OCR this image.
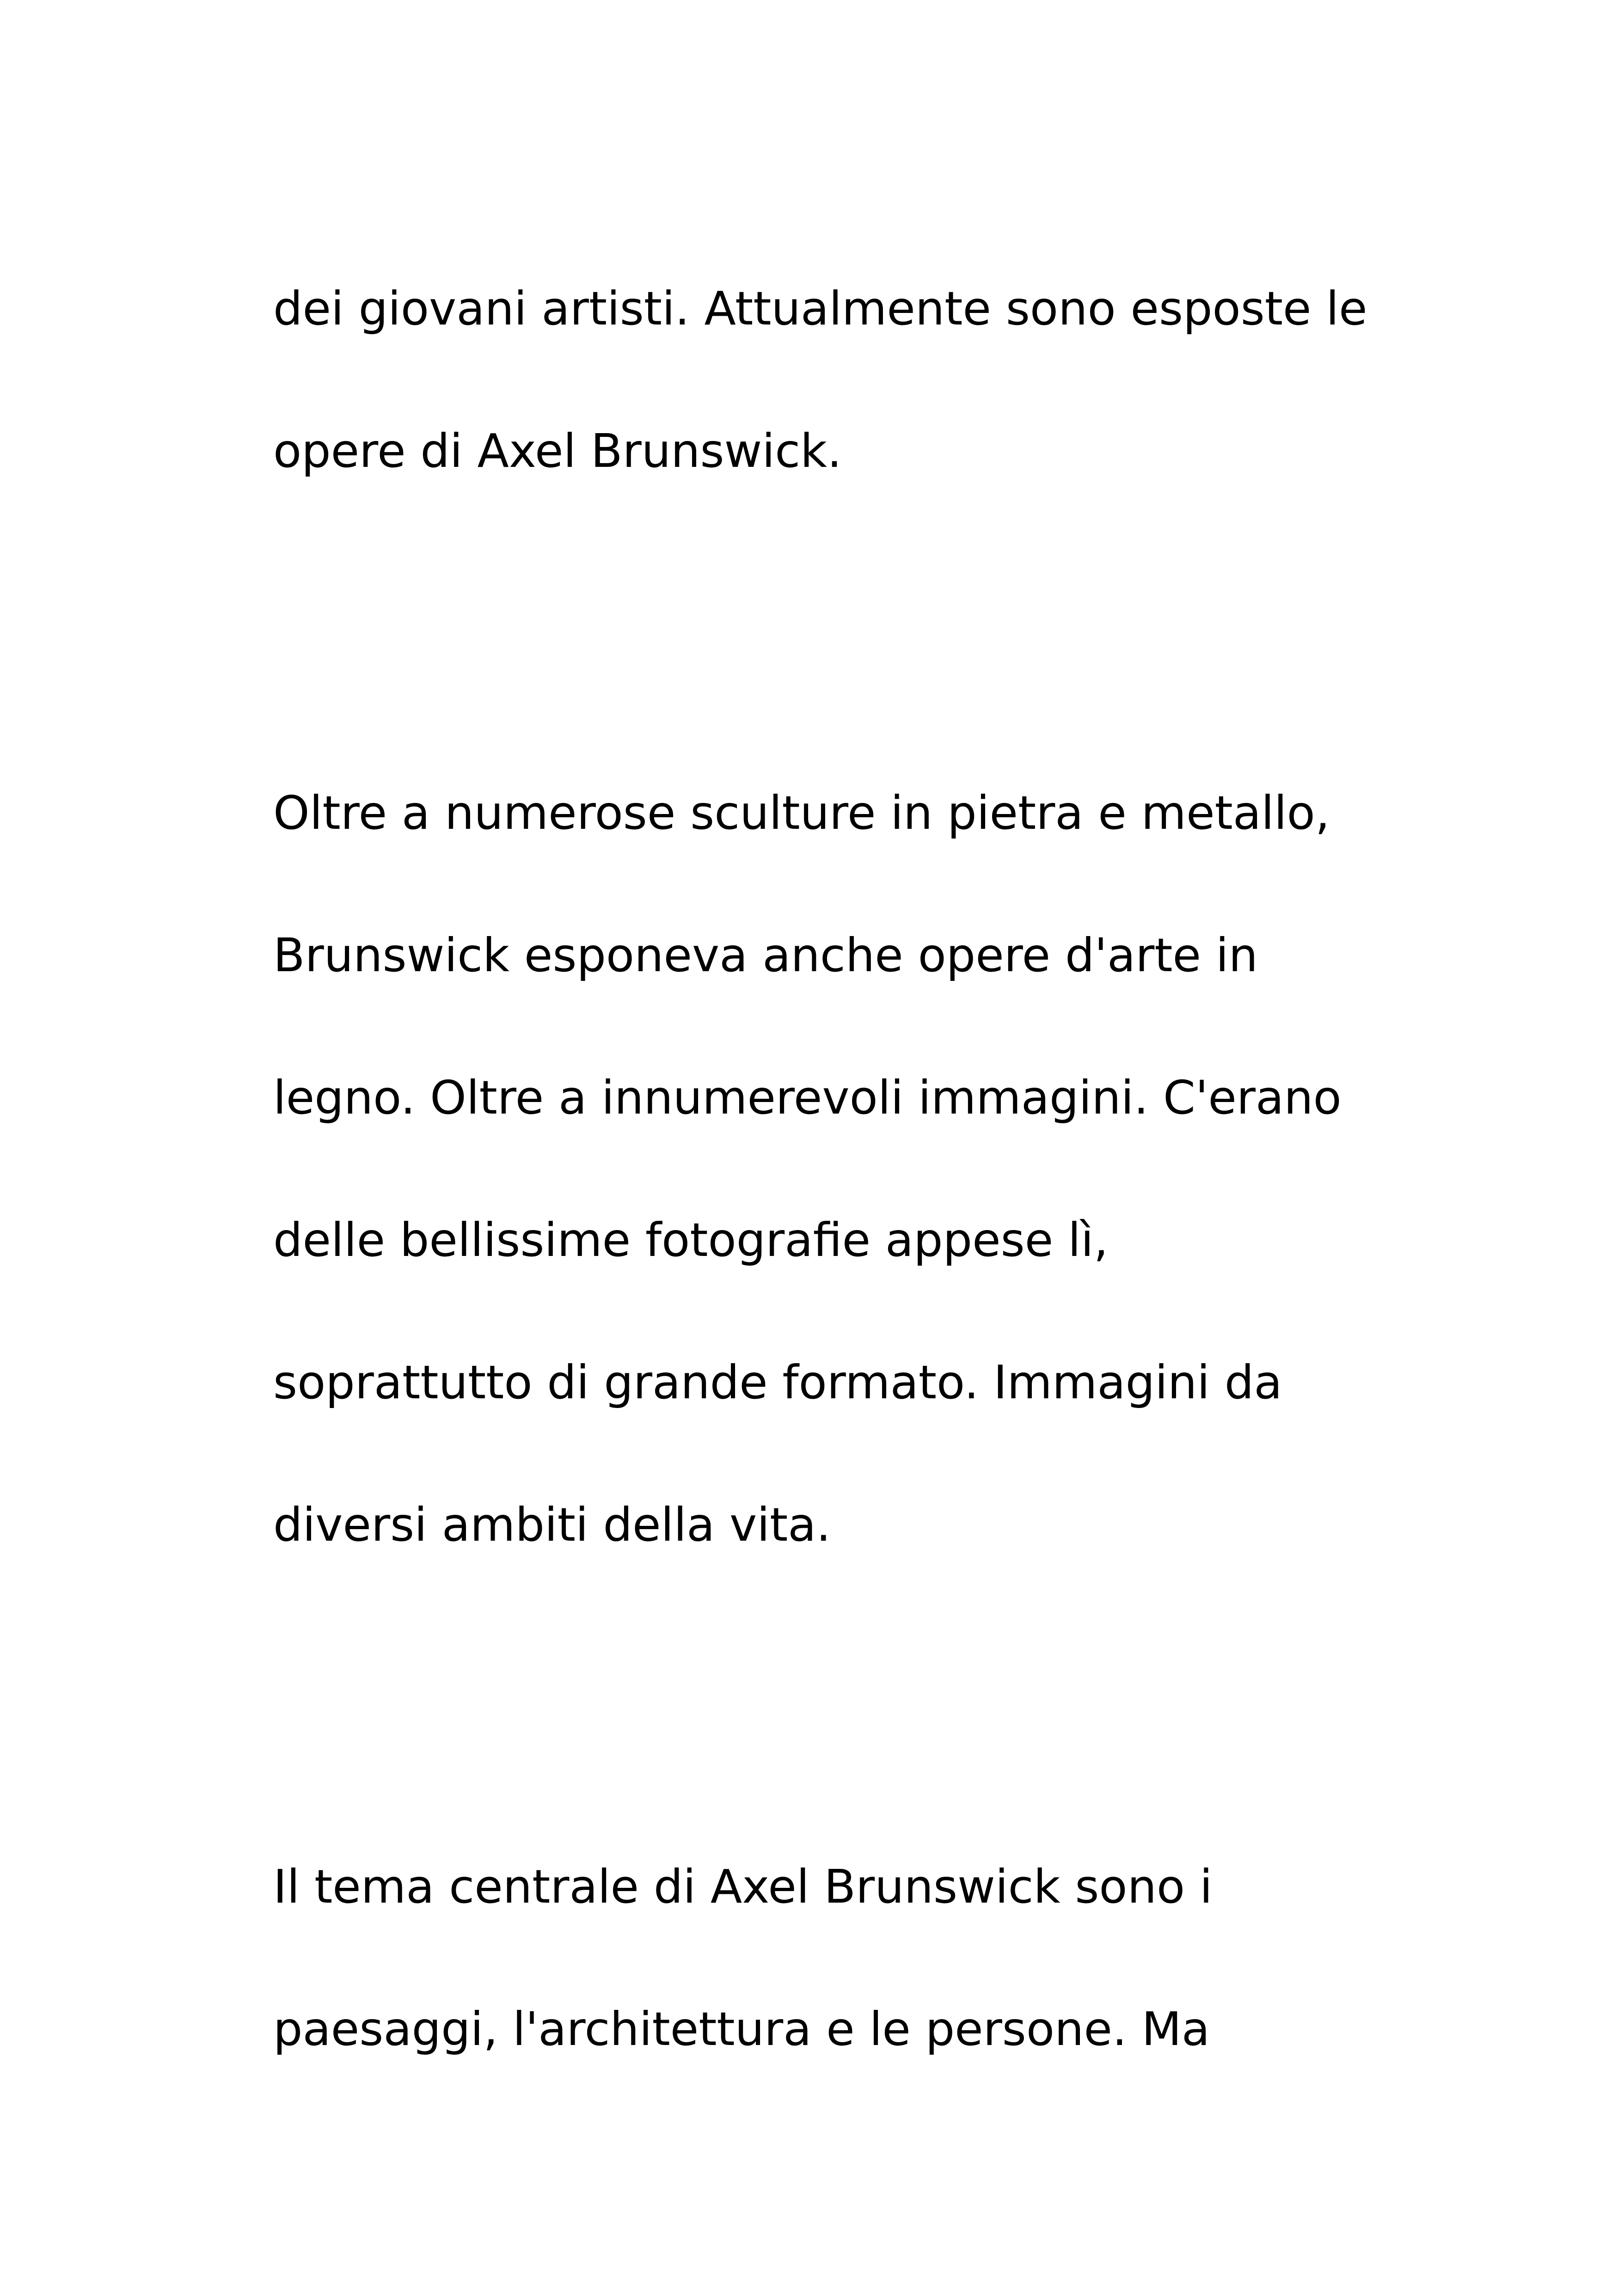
dei giovani artisti. Attualmente sono esposte le

opere di Axel Brunswick.

Oltre a numerose sculture in pietra e metallo,

Brunswick esponeva anche opere d'arte in

legno. Oltre a innumerevoli immagini. C'erano

delle bellissime fotografie appese lì,

soprattutto di grande formato. Immagini da

diversi ambiti della vita.

Il tema centrale di Axel Brunswick sono i

paesaggi, l'architettura e le persone. Ma
